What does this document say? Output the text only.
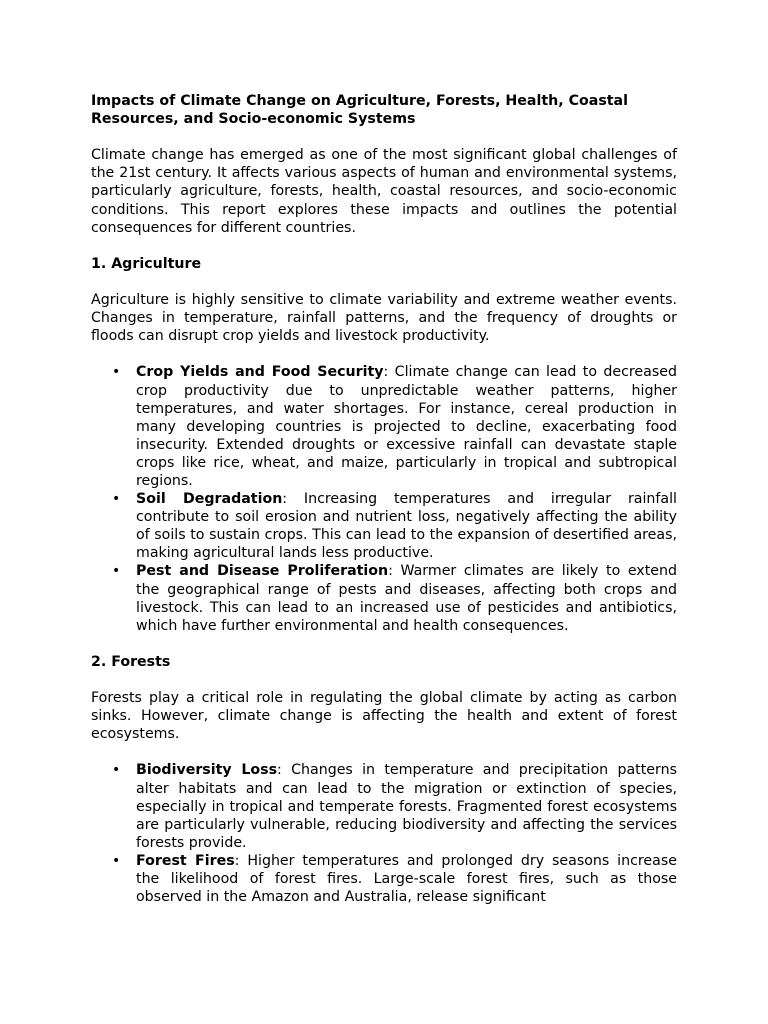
Impacts of Climate Change on Agriculture, Forests, Health, Coastal Resources, and Socio-economic Systems

Climate change has emerged as one of the most significant global challenges of the 21st century. It affects various aspects of human and environmental systems, particularly agriculture, forests, health, coastal resources, and socio-economic conditions. This report explores these impacts and outlines the potential consequences for different countries.

1. Agriculture

Agriculture is highly sensitive to climate variability and extreme weather events. Changes in temperature, rainfall patterns, and the frequency of droughts or floods can disrupt crop yields and livestock productivity.

• Crop Yields and Food Security: Climate change can lead to decreased crop productivity due to unpredictable weather patterns, higher temperatures, and water shortages. For instance, cereal production in many developing countries is projected to decline, exacerbating food insecurity. Extended droughts or excessive rainfall can devastate staple crops like rice, wheat, and maize, particularly in tropical and subtropical regions.
• Soil Degradation: Increasing temperatures and irregular rainfall contribute to soil erosion and nutrient loss, negatively affecting the ability of soils to sustain crops. This can lead to the expansion of desertified areas, making agricultural lands less productive.
• Pest and Disease Proliferation: Warmer climates are likely to extend the geographical range of pests and diseases, affecting both crops and livestock. This can lead to an increased use of pesticides and antibiotics, which have further environmental and health consequences.

2. Forests

Forests play a critical role in regulating the global climate by acting as carbon sinks. However, climate change is affecting the health and extent of forest ecosystems.

• Biodiversity Loss: Changes in temperature and precipitation patterns alter habitats and can lead to the migration or extinction of species, especially in tropical and temperate forests. Fragmented forest ecosystems are particularly vulnerable, reducing biodiversity and affecting the services forests provide.
• Forest Fires: Higher temperatures and prolonged dry seasons increase the likelihood of forest fires. Large-scale forest fires, such as those observed in the Amazon and Australia, release significant
